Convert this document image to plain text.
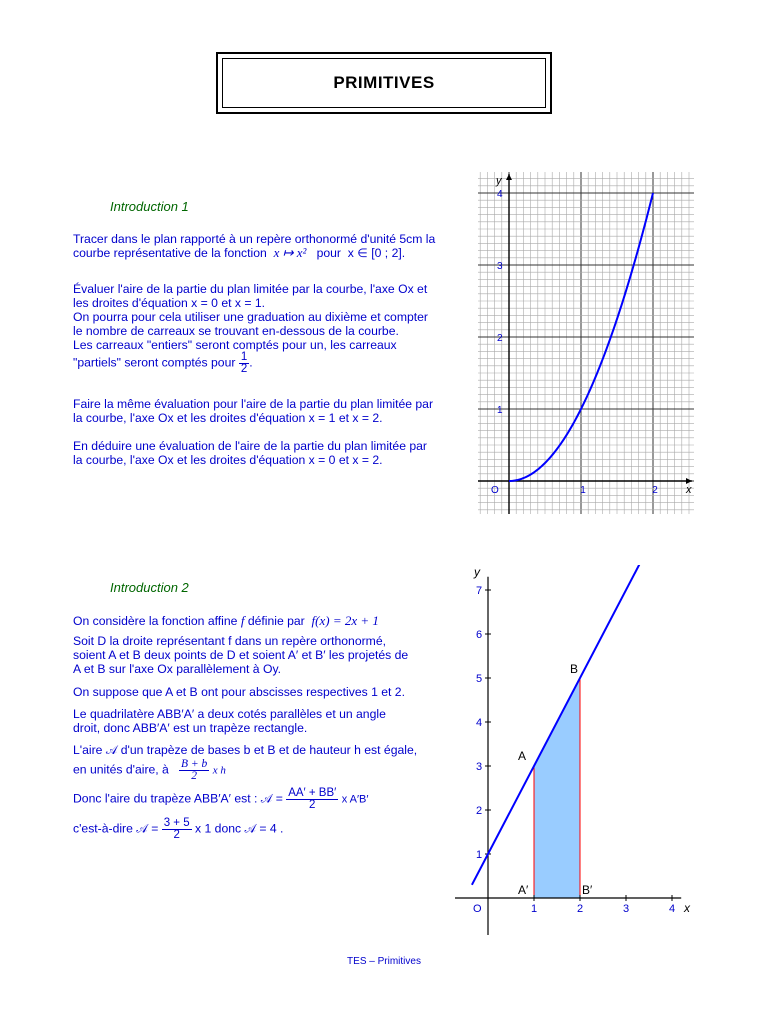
PRIMITIVES
Introduction 1

Tracer dans le plan rapporté à un repère orthonormé d'unité 5cm la
courbe représentative de la fonction x ↦ x² pour x ∈ [0 ; 2].

Évaluer l'aire de la partie du plan limitée par la courbe, l'axe Ox et
les droites d'équation x = 0 et x = 1.
On pourra pour cela utiliser une graduation au dixième et compter
le nombre de carreaux se trouvant en-dessous de la courbe.
Les carreaux "entiers" seront comptés pour un, les carreaux
"partiels" seront comptés pour $\frac{1}{2}$ .

Faire la même évaluation pour l'aire de la partie du plan limitée par
la courbe, l'axe Ox et les droites d'équation x = 1 et x = 2.

En déduire une évaluation de l'aire de la partie du plan limitée par
la courbe, l'axe Ox et les droites d'équation x = 0 et x = 2.

1	2
1
2
3
4
O	x
y
Introduction 2

On considère la fonction affine f définie par f(x) = 2x + 1

Soit D la droite représentant f dans un repère orthonormé,
soient A et B deux points de D et soient A′ et B′ les projetés de
A et B sur l'axe Ox parallèlement à Oy.

On suppose que A et B ont pour abscisses respectives 1 et 2.

Le quadrilatère ABB′A′ a deux cotés parallèles et un angle
droit, donc ABB′A′ est un trapèze rectangle.

L'aire 𝒜 d'un trapèze de bases b et B et de hauteur h est égale,

en unités d'aire, à $\frac{B + b}{2}$ x h

Donc l'aire du trapèze ABB′A′ est : 𝒜 = $\frac{AA' + BB'}{2}$ x A′B′

c'est-à-dire 𝒜 = $\frac{3 + 5}{2}$ x 1 donc 𝒜 = 4 .

1	2	3	4
1
2
3
4
5
6
7
O	x
y
A
B
A′	B′
TES – Primitives
